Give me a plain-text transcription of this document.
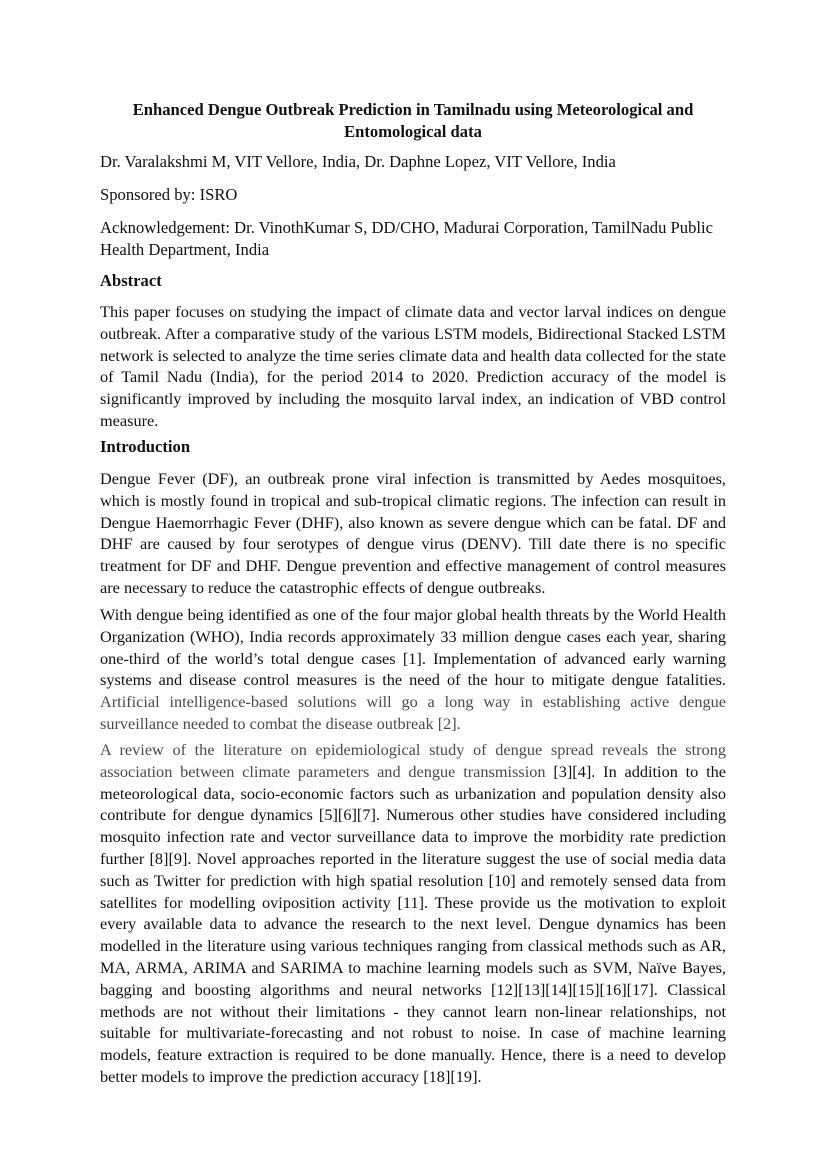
Enhanced Dengue Outbreak Prediction in Tamilnadu using Meteorological and
Entomological data
Dr. Varalakshmi M, VIT Vellore, India, Dr. Daphne Lopez, VIT Vellore, India
Sponsored by: ISRO
Acknowledgement: Dr. VinothKumar S, DD/CHO, Madurai Corporation, TamilNadu Public Health Department, India
Abstract
This paper focuses on studying the impact of climate data and vector larval indices on dengue outbreak. After a comparative study of the various LSTM models, Bidirectional Stacked LSTM network is selected to analyze the time series climate data and health data collected for the state of Tamil Nadu (India), for the period 2014 to 2020. Prediction accuracy of the model is significantly improved by including the mosquito larval index, an indication of VBD control measure.
Introduction
Dengue Fever (DF), an outbreak prone viral infection is transmitted by Aedes mosquitoes, which is mostly found in tropical and sub-tropical climatic regions. The infection can result in Dengue Haemorrhagic Fever (DHF), also known as severe dengue which can be fatal. DF and DHF are caused by four serotypes of dengue virus (DENV). Till date there is no specific treatment for DF and DHF. Dengue prevention and effective management of control measures are necessary to reduce the catastrophic effects of dengue outbreaks.
With dengue being identified as one of the four major global health threats by the World Health Organization (WHO), India records approximately 33 million dengue cases each year, sharing one-third of the world’s total dengue cases [1]. Implementation of advanced early warning systems and disease control measures is the need of the hour to mitigate dengue fatalities. Artificial intelligence-based solutions will go a long way in establishing active dengue surveillance needed to combat the disease outbreak [2].
A review of the literature on epidemiological study of dengue spread reveals the strong association between climate parameters and dengue transmission [3][4]. In addition to the meteorological data, socio-economic factors such as urbanization and population density also contribute for dengue dynamics [5][6][7]. Numerous other studies have considered including mosquito infection rate and vector surveillance data to improve the morbidity rate prediction further [8][9]. Novel approaches reported in the literature suggest the use of social media data such as Twitter for prediction with high spatial resolution [10] and remotely sensed data from satellites for modelling oviposition activity [11]. These provide us the motivation to exploit every available data to advance the research to the next level. Dengue dynamics has been modelled in the literature using various techniques ranging from classical methods such as AR, MA, ARMA, ARIMA and SARIMA to machine learning models such as SVM, Naïve Bayes, bagging and boosting algorithms and neural networks [12][13][14][15][16][17]. Classical methods are not without their limitations - they cannot learn non-linear relationships, not suitable for multivariate-forecasting and not robust to noise. In case of machine learning models, feature extraction is required to be done manually. Hence, there is a need to develop better models to improve the prediction accuracy [18][19].
